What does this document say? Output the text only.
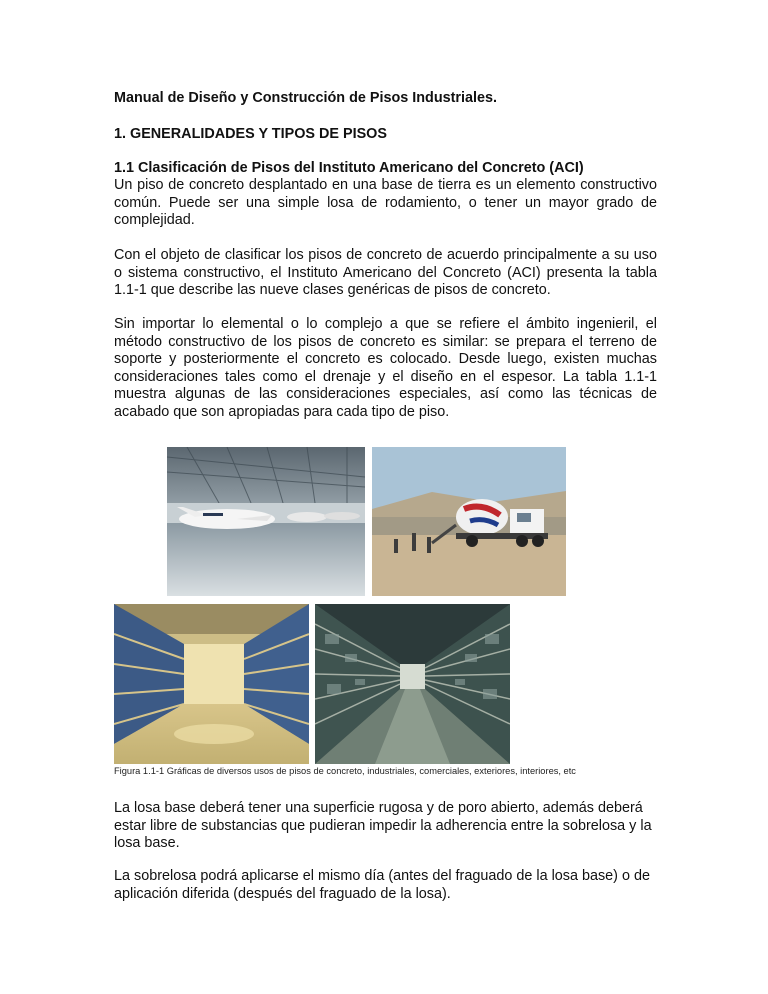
Manual de Diseño y Construcción de Pisos Industriales.
1. GENERALIDADES Y TIPOS DE PISOS
1.1 Clasificación de Pisos del Instituto Americano del Concreto (ACI)

Un piso de concreto desplantado en una base de tierra es un elemento constructivo común. Puede ser una simple losa de rodamiento, o tener un mayor grado de complejidad.

Con el objeto de clasificar los pisos de concreto de acuerdo principalmente a su uso o sistema constructivo, el Instituto Americano del Concreto (ACI) presenta la tabla 1.1-1 que describe las nueve clases genéricas de pisos de concreto.

Sin importar lo elemental o lo complejo a que se refiere el ámbito ingenieril, el método constructivo de los pisos de concreto es similar: se prepara el terreno de soporte y posteriormente el concreto es colocado. Desde luego, existen muchas consideraciones tales como el drenaje y el diseño en el espesor. La tabla 1.1-1 muestra algunas de las consideraciones especiales, así como las técnicas de acabado que son apropiadas para cada tipo de piso.

Figura 1.1-1 Gráficas de diversos usos de pisos de concreto, industriales, comerciales, exteriores, interiores, etc

La losa base deberá tener una superficie rugosa y de poro abierto, además deberá estar libre de substancias que pudieran impedir la adherencia entre la sobrelosa y la losa base.

La sobrelosa podrá aplicarse el mismo día (antes del fraguado de la losa base) o de aplicación diferida (después del fraguado de la losa).
